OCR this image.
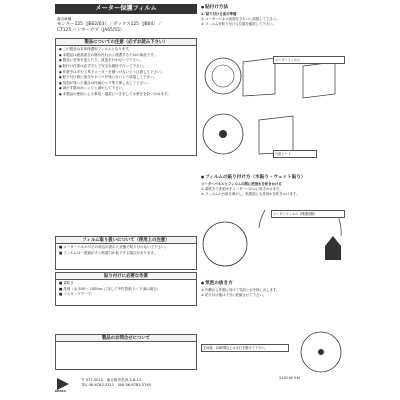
メーター保護フィルム
適合車種
モンキー125（JB02/03）／ダックス125（JB04）／
CT125 ハンターカブ（JA65/55）
製品についての注意（必ずお読み下さい）

● この製品は本体保護用フィルムとなります。

● 本製品は液晶部分の傷や汚れから保護するための商品です。

● 製品に変形を加えたり、改造を行わないで下さい。

● 貼付け作業は必ず平らで安全な場所で行って下さい。

● 作業中は手や工具でメーターを傷つけないよう注意して下さい。

● 貼り付け面に油分やホコリが残らないよう清掃して下さい。

● 気泡が残った場合は付属のヘラ等で押し出して下さい。

● 剥がす際はゆっくりと剥がして下さい。

● 本製品の使用による事故・損害につきましては責任を負いかねます。

フィルム取り扱いについて（使用上の注意）

■ メーターパネルやその周辺が濡れた状態で貼り付けないで下さい。

■ フィルムは一度剥がすと粘着力が低下する場合があります。

貼り付けに必要な作業

■ 霧吹き

■ 洗剤（水 500〜 1000cc に対して中性洗剤 1〜 2 滴の割合）

■ マスキングテープ

製品のお問合せについて
● 貼付け方法
1. 貼り付ける前の準備
① メーターパネル表面をきれいに清掃して下さい。
② フィルムを貼り付ける位置を確認して下さい。
メーターフィルム
台紙シート
● フィルムの貼り付け方（水貼り・ウェット貼り）
メーターパネルとフィルムの間に洗剤水を吹きかける
① 霧吹きで洗剤水をメーターパネルに吹きかけます。
② フィルムの台紙を剥がし、粘着面にも洗剤水を吹きかけます。
メーターフィルム（保護面側）
● 気泡の抜き方
① 内側から外側に向けて気泡と水を押し出します。
② 貼り付け後は十分に乾燥させて下さい。
完成後、24時間以上は走行を避けて下さい。
KITACO
〒 577-0015　東大阪市長田 3-8-13
TEL 06-6783-5311　FAX 06-6783-5740
220118 Y-M
